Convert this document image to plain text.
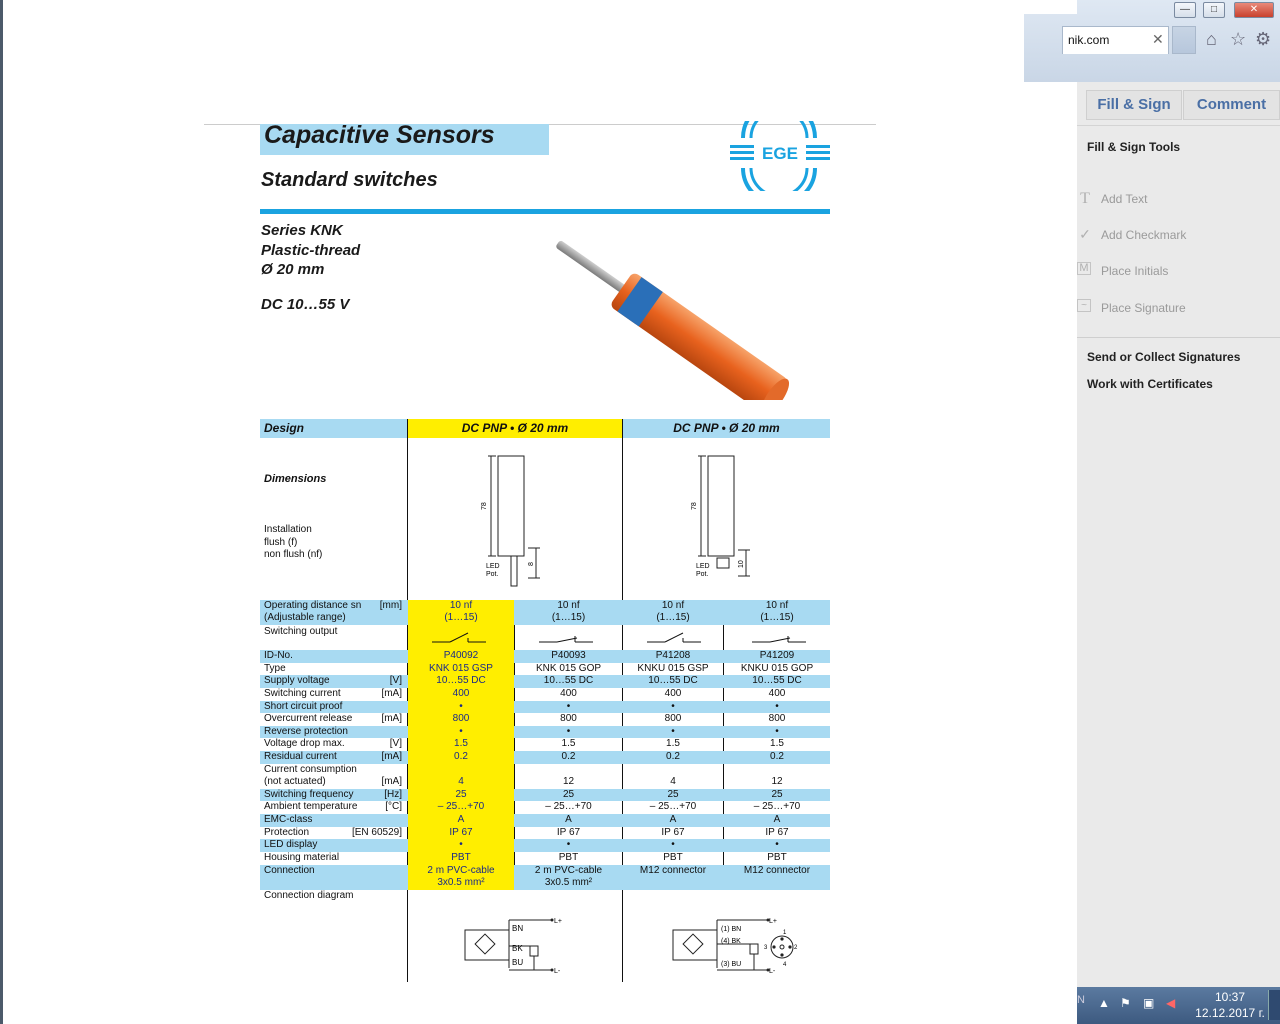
—	□	✕
nik.com	✕ ⌂ ☆ ⚙
Fill & Sign	Comment
Fill & Sign Tools
T Add Text
✓ Add Checkmark
M Place Initials
~	Place Signature
Send or Collect Signatures
Work with Certificates
N ▲ ⚑ ▣ ◀	10:37
12.12.2017 г.
Capacitive Sensors
Standard switches
EGE
Series KNK
Plastic-thread
Ø 20 mm
DC 10…55 V
Design	DC PNP • Ø 20 mm	DC PNP • Ø 20 mm
Dimensions
Installation
flush (f)
non flush (nf)
78
8
LED
Pot.
78
10
LED
Pot.
Operating distance sn	[mm]	10 nf	10 nf	10 nf	10 nf
(Adjustable range)	(1…15)	(1…15)	(1…15)	(1…15)
Switching output
ID-No.	P40092	P40093	P41208	P41209
Type	KNK 015 GSP	KNK 015 GOP	KNKU 015 GSP	KNKU 015 GOP
Supply voltage	[V]	10…55 DC	10…55 DC	10…55 DC	10…55 DC
Switching current	[mA]	400	400	400	400
Short circuit proof	•	•	•	•
Overcurrent release	[mA]	800	800	800	800
Reverse protection	•	•	•	•
Voltage drop max.	[V]	1.5	1.5	1.5	1.5
Residual current	[mA]	0.2	0.2	0.2	0.2
Current consumption
(not actuated)	[mA]	4	12	4	12
Switching frequency	[Hz]	25	25	25	25
Ambient temperature	[°C]	– 25…+70	– 25…+70	– 25…+70	– 25…+70
EMC-class	A	A	A	A
Protection	[EN 60529]	IP 67	IP 67	IP 67	IP 67
LED display	•	•	•	•
Housing material	PBT	PBT	PBT	PBT
Connection	2 m PVC-cable	2 m PVC-cable	M12 connector	M12 connector
3x0.5 mm²	3x0.5 mm²
Connection diagram
BN
BK
BU
L+
L-
(1) BN
(4) BK
(3) BU
L+
L-
1
2
3
4
